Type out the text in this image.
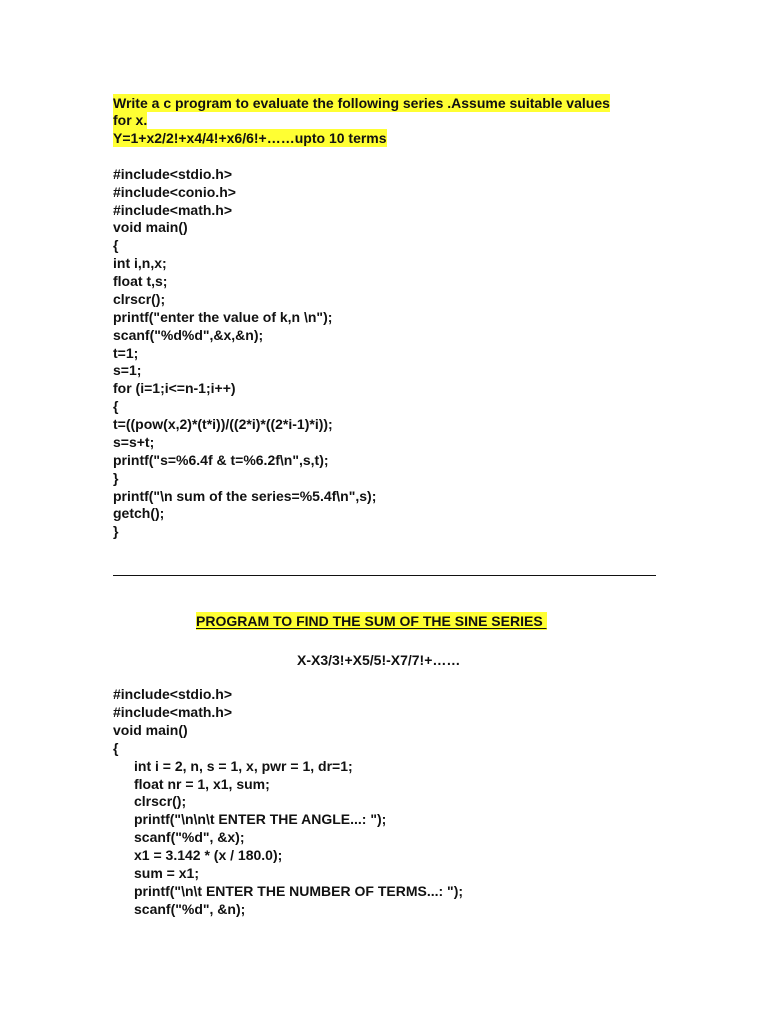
Write a c program to evaluate the following series .Assume suitable values
for x.
Y=1+x2/2!+x4/4!+x6/6!+……upto 10 terms
#include<stdio.h>
#include<conio.h>
#include<math.h>
void main()
{
int i,n,x;
float t,s;
clrscr();
printf("enter the value of k,n \n");
scanf("%d%d",&x,&n);
t=1;
s=1;
for (i=1;i<=n-1;i++)
{
t=((pow(x,2)*(t*i))/((2*i)*((2*i-1)*i));
s=s+t;
printf("s=%6.4f & t=%6.2f\n",s,t);
}
printf("\n sum of the series=%5.4f\n",s);
getch();
}
PROGRAM TO FIND THE SUM OF THE SINE SERIES
X-X3/3!+X5/5!-X7/7!+……
#include<stdio.h>
#include<math.h>
void main()
{
int i = 2, n, s = 1, x, pwr = 1, dr=1;
float nr = 1, x1, sum;
clrscr();
printf("\n\n\t ENTER THE ANGLE...: ");
scanf("%d", &x);
x1 = 3.142 * (x / 180.0);
sum = x1;
printf("\n\t ENTER THE NUMBER OF TERMS...: ");
scanf("%d", &n);
